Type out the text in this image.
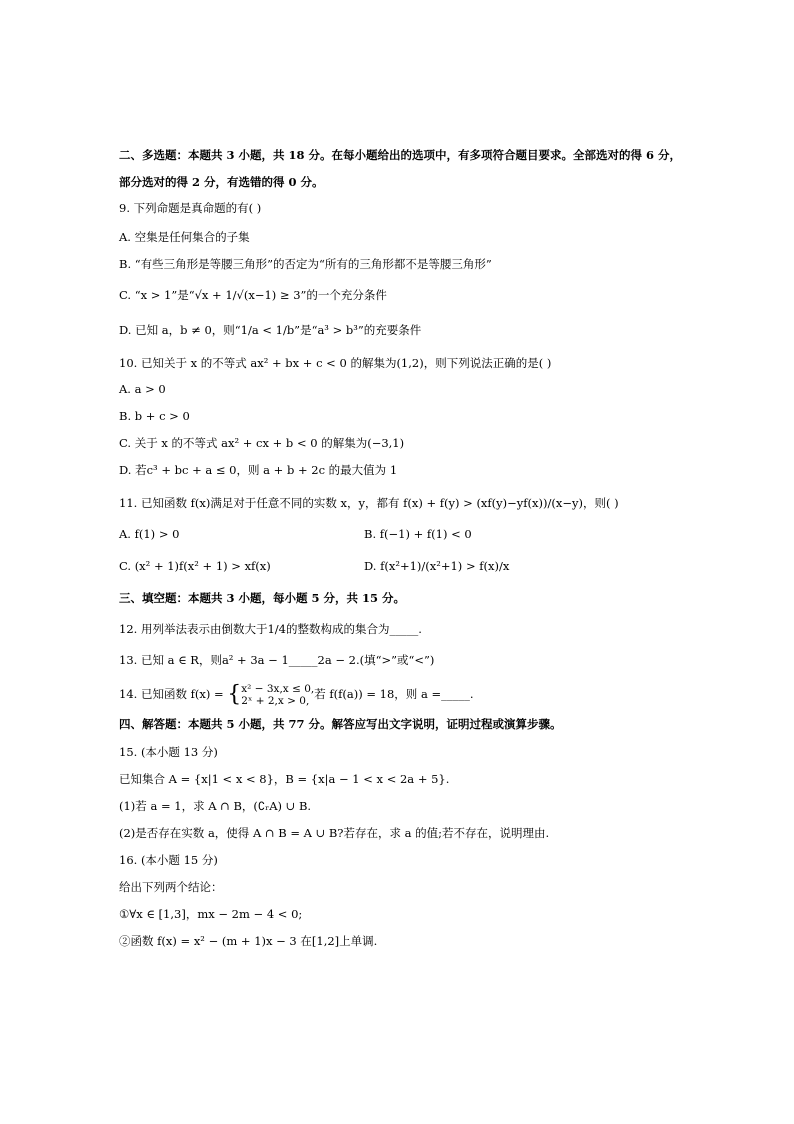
二、多选题：本题共 3 小题，共 18 分。在每小题给出的选项中，有多项符合题目要求。全部选对的得 6 分，
部分选对的得 2 分，有选错的得 0 分。
9. 下列命题是真命题的有( )
A. 空集是任何集合的子集
B. “有些三角形是等腰三角形”的否定为“所有的三角形都不是等腰三角形”
C. “x > 1”是“√x + 1/√(x−1) ≥ 3”的一个充分条件
D. 已知 a，b ≠ 0，则“1/a < 1/b”是“a³ > b³”的充要条件
10. 已知关于 x 的不等式 ax² + bx + c < 0 的解集为(1,2)，则下列说法正确的是( )
A. a > 0
B. b + c > 0
C. 关于 x 的不等式 ax² + cx + b < 0 的解集为(−3,1)
D. 若c³ + bc + a ≤ 0，则 a + b + 2c 的最大值为 1
11. 已知函数 f(x)满足对于任意不同的实数 x，y，都有 f(x) + f(y) > (xf(y)−yf(x))/(x−y)，则( )
A. f(1) > 0	B. f(−1) + f(1) < 0
C. (x² + 1)f(x² + 1) > xf(x)	D. f(x²+1)/(x²+1) > f(x)/x
三、填空题：本题共 3 小题，每小题 5 分，共 15 分。
12. 用列举法表示由倒数大于1/4的整数构成的集合为_____.
13. 已知 a ∈ R，则a² + 3a − 1_____2a − 2.(填“>”或“<”)
14. 已知函数 f(x) = { x² − 3x,x ≤ 0,
2ˣ + 2,x > 0, 若 f(f(a)) = 18，则 a =_____.
四、解答题：本题共 5 小题，共 77 分。解答应写出文字说明，证明过程或演算步骤。
15. (本小题 13 分)
已知集合 A = {x|1 < x < 8}，B = {x|a − 1 < x < 2a + 5}.
(1)若 a = 1，求 A ∩ B，(∁ᵣA) ∪ B.
(2)是否存在实数 a，使得 A ∩ B = A ∪ B?若存在，求 a 的值;若不存在，说明理由.
16. (本小题 15 分)
给出下列两个结论：
①∀x ∈ [1,3]，mx − 2m − 4 < 0;
②函数 f(x) = x² − (m + 1)x − 3 在[1,2]上单调.
